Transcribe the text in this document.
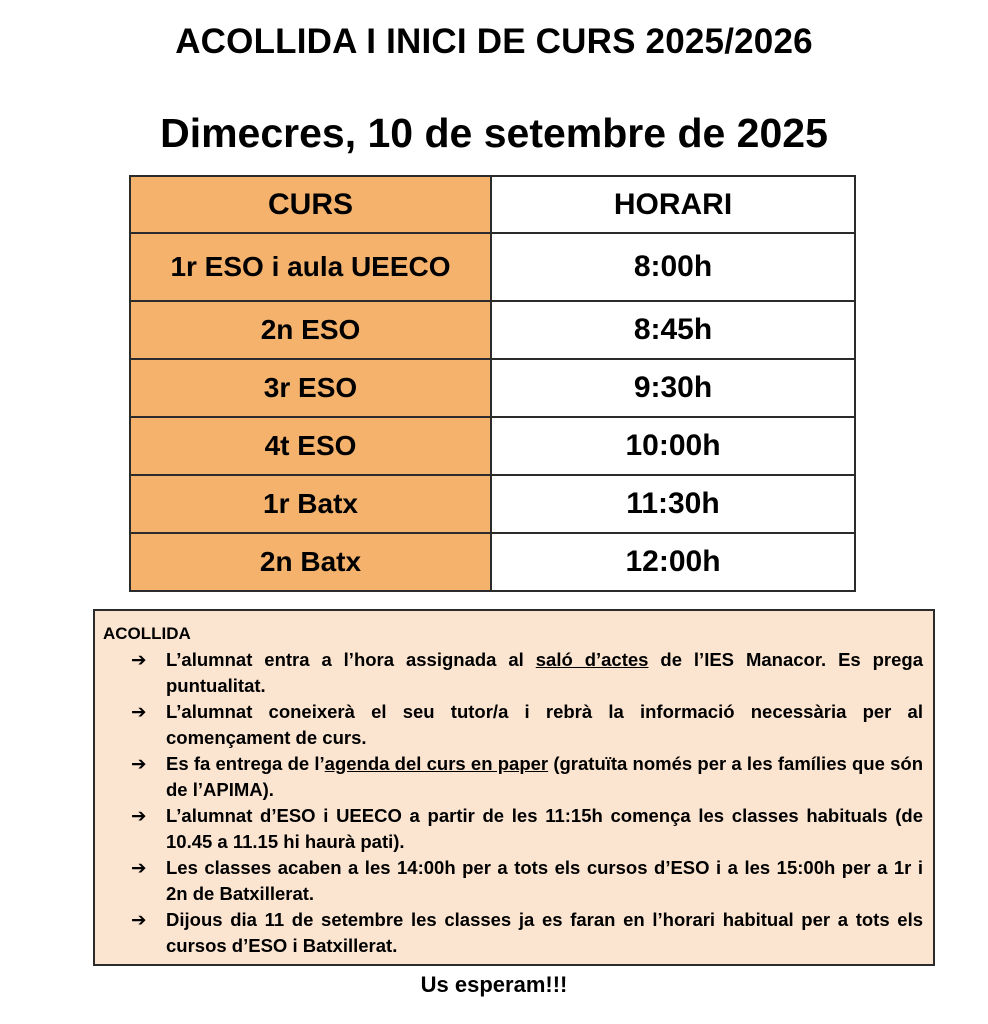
ACOLLIDA I INICI DE CURS 2025/2026
Dimecres, 10 de setembre de 2025
CURS	HORARI
1r ESO i aula UEECO	8:00h
2n ESO	8:45h
3r ESO	9:30h
4t ESO	10:00h
1r Batx	11:30h
2n Batx	12:00h
ACOLLIDA
➔ L’alumnat entra a l’hora assignada al saló d’actes de l’IES Manacor. Es prega puntualitat.
➔ L’alumnat coneixerà el seu tutor/a i rebrà la informació necessària per al començament de curs.
➔ Es fa entrega de l’agenda del curs en paper (gratuïta només per a les famílies que són de l’APIMA).
➔ L’alumnat d’ESO i UEECO a partir de les 11:15h comença les classes habituals (de 10.45 a 11.15 hi haurà pati).
➔ Les classes acaben a les 14:00h per a tots els cursos d’ESO i a les 15:00h per a 1r i 2n de Batxillerat.
➔ Dijous dia 11 de setembre les classes ja es faran en l’horari habitual per a tots els cursos d’ESO i Batxillerat.
Us esperam!!!
